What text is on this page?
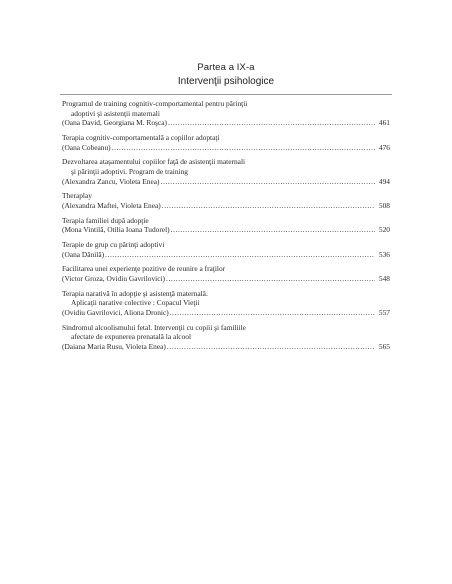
Partea a IX-a
Intervenţii psihologice
Programul de training cognitiv-comportamental pentru părinţii
adoptivi şi asistenţii maternali
(Oana David, Georgiana M. Roşca) .....	461
Terapia cognitiv-comportamentală a copiilor adoptaţi
(Oana Cobeanu) .....	476
Dezvoltarea ataşamentului copiilor faţă de asistenţii maternali
şi părinţii adoptivi. Program de training
(Alexandra Zancu, Violeta Enea) .....	494
Theraplay
(Alexandra Maftei, Violeta Enea) .....	508
Terapia familiei după adopţie
(Mona Vintilă, Otilia Ioana Tudorel) .....	520
Terapie de grup cu părinţi adoptivi
(Oana Dănilă) .....	536
Facilitarea unei experienţe pozitive de reunire a fraţilor
(Victor Groza, Ovidiu Gavrilovici) .....	548
Terapia narativă în adopţie şi asistenţă maternală.
Aplicaţii narative colective : Copacul Vieţii
(Ovidiu Gavrilovici, Aliona Dronic) .....	557
Sindromul alcoolismului fetal. Intervenţii cu copiii şi familiile
afectate de expunerea prenatală la alcool
(Daiana Maria Rusu, Violeta Enea) .....	565
